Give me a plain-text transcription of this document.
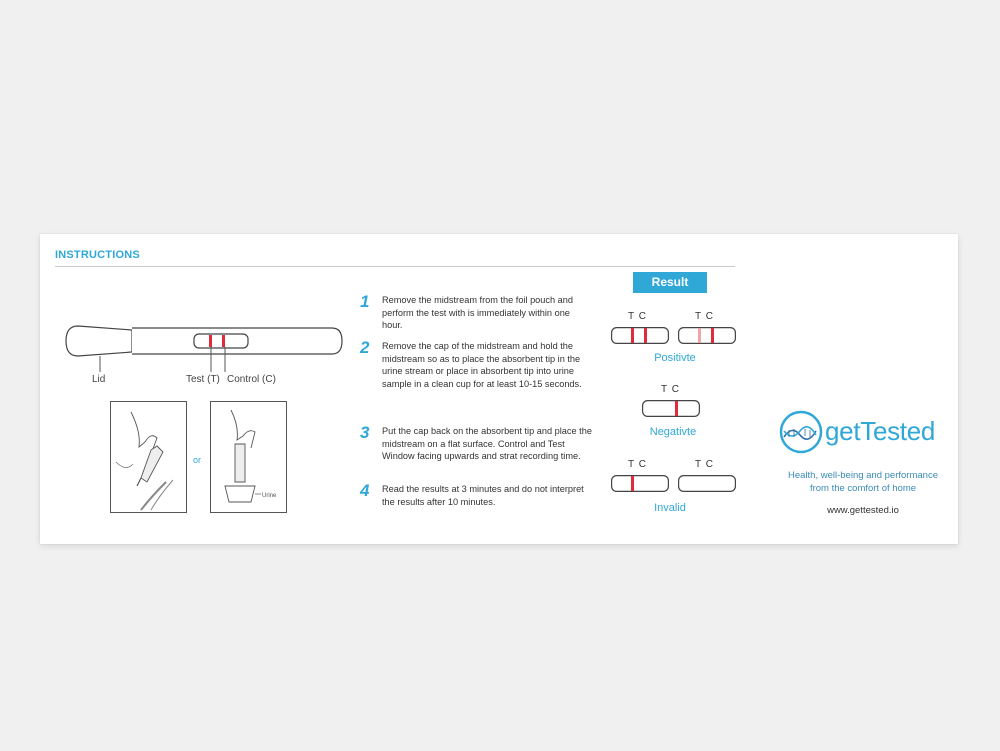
INSTRUCTIONS
Lid	Test (T) Control (C)
or
Urine
1 Remove the midstream from the foil pouch and perform the test with is immediately within one hour.
2 Remove the cap of the midstream and hold the midstream so as to place the absorbent tip in the urine stream or place in absorbent tip into urine sample in a clean cup for at least 10-15 seconds.
3 Put the cap back on the absorbent tip and place the midstream on a flat surface. Control and Test Window facing upwards and strat recording time.
4 Read the results at 3 minutes and do not interpret the results after 10 minutes.
Result
T C	T C
Positivte
T C
Negativte
T C	T C
Invalid
getTested
Health, well-being and performance
from the comfort of home
www.gettested.io
